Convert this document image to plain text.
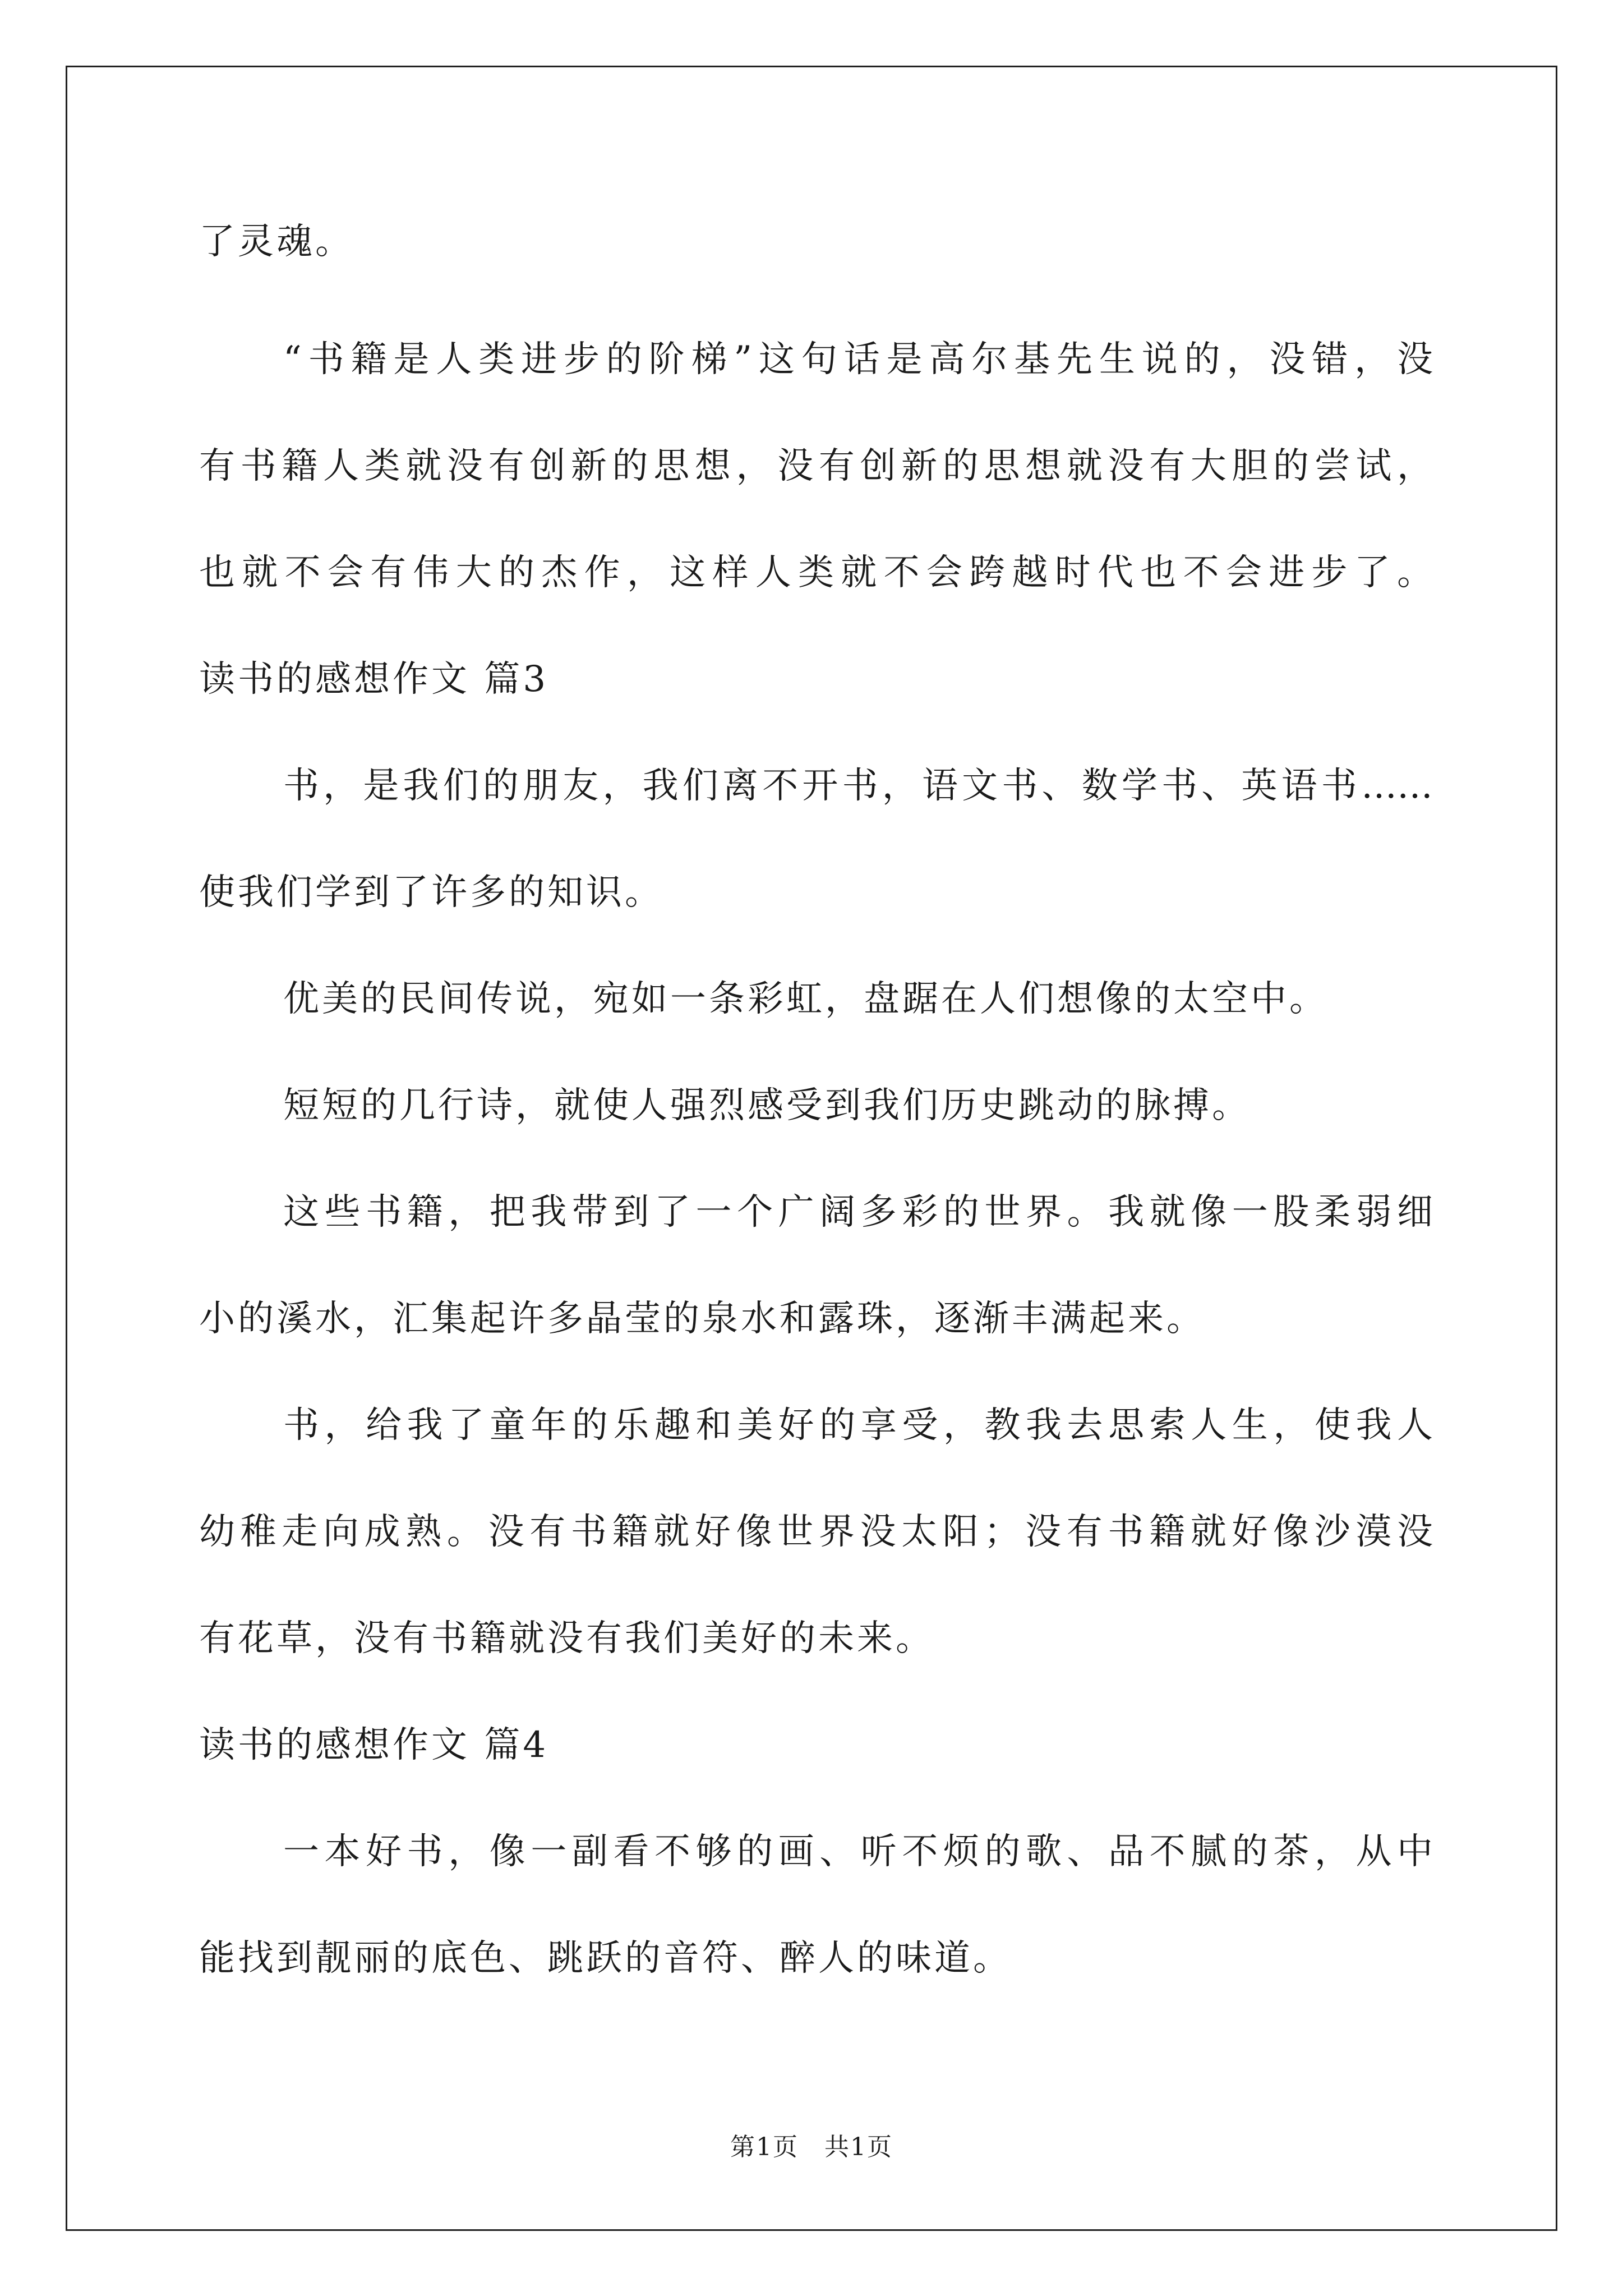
了灵魂。
“书籍是人类进步的阶梯”这句话是高尔基先生说的，没错，没
有书籍人类就没有创新的思想，没有创新的思想就没有大胆的尝试，
也就不会有伟大的杰作，这样人类就不会跨越时代也不会进步了。
读书的感想作文 篇3
书，是我们的朋友，我们离不开书，语文书、数学书、英语书……
使我们学到了许多的知识。
优美的民间传说，宛如一条彩虹，盘踞在人们想像的太空中。
短短的几行诗，就使人强烈感受到我们历史跳动的脉搏。
这些书籍，把我带到了一个广阔多彩的世界。我就像一股柔弱细
小的溪水，汇集起许多晶莹的泉水和露珠，逐渐丰满起来。
书，给我了童年的乐趣和美好的享受，教我去思索人生，使我人
幼稚走向成熟。没有书籍就好像世界没太阳；没有书籍就好像沙漠没
有花草，没有书籍就没有我们美好的未来。
读书的感想作文 篇4
一本好书，像一副看不够的画、听不烦的歌、品不腻的茶，从中
能找到靓丽的底色、跳跃的音符、醉人的味道。
第1页　共1页
